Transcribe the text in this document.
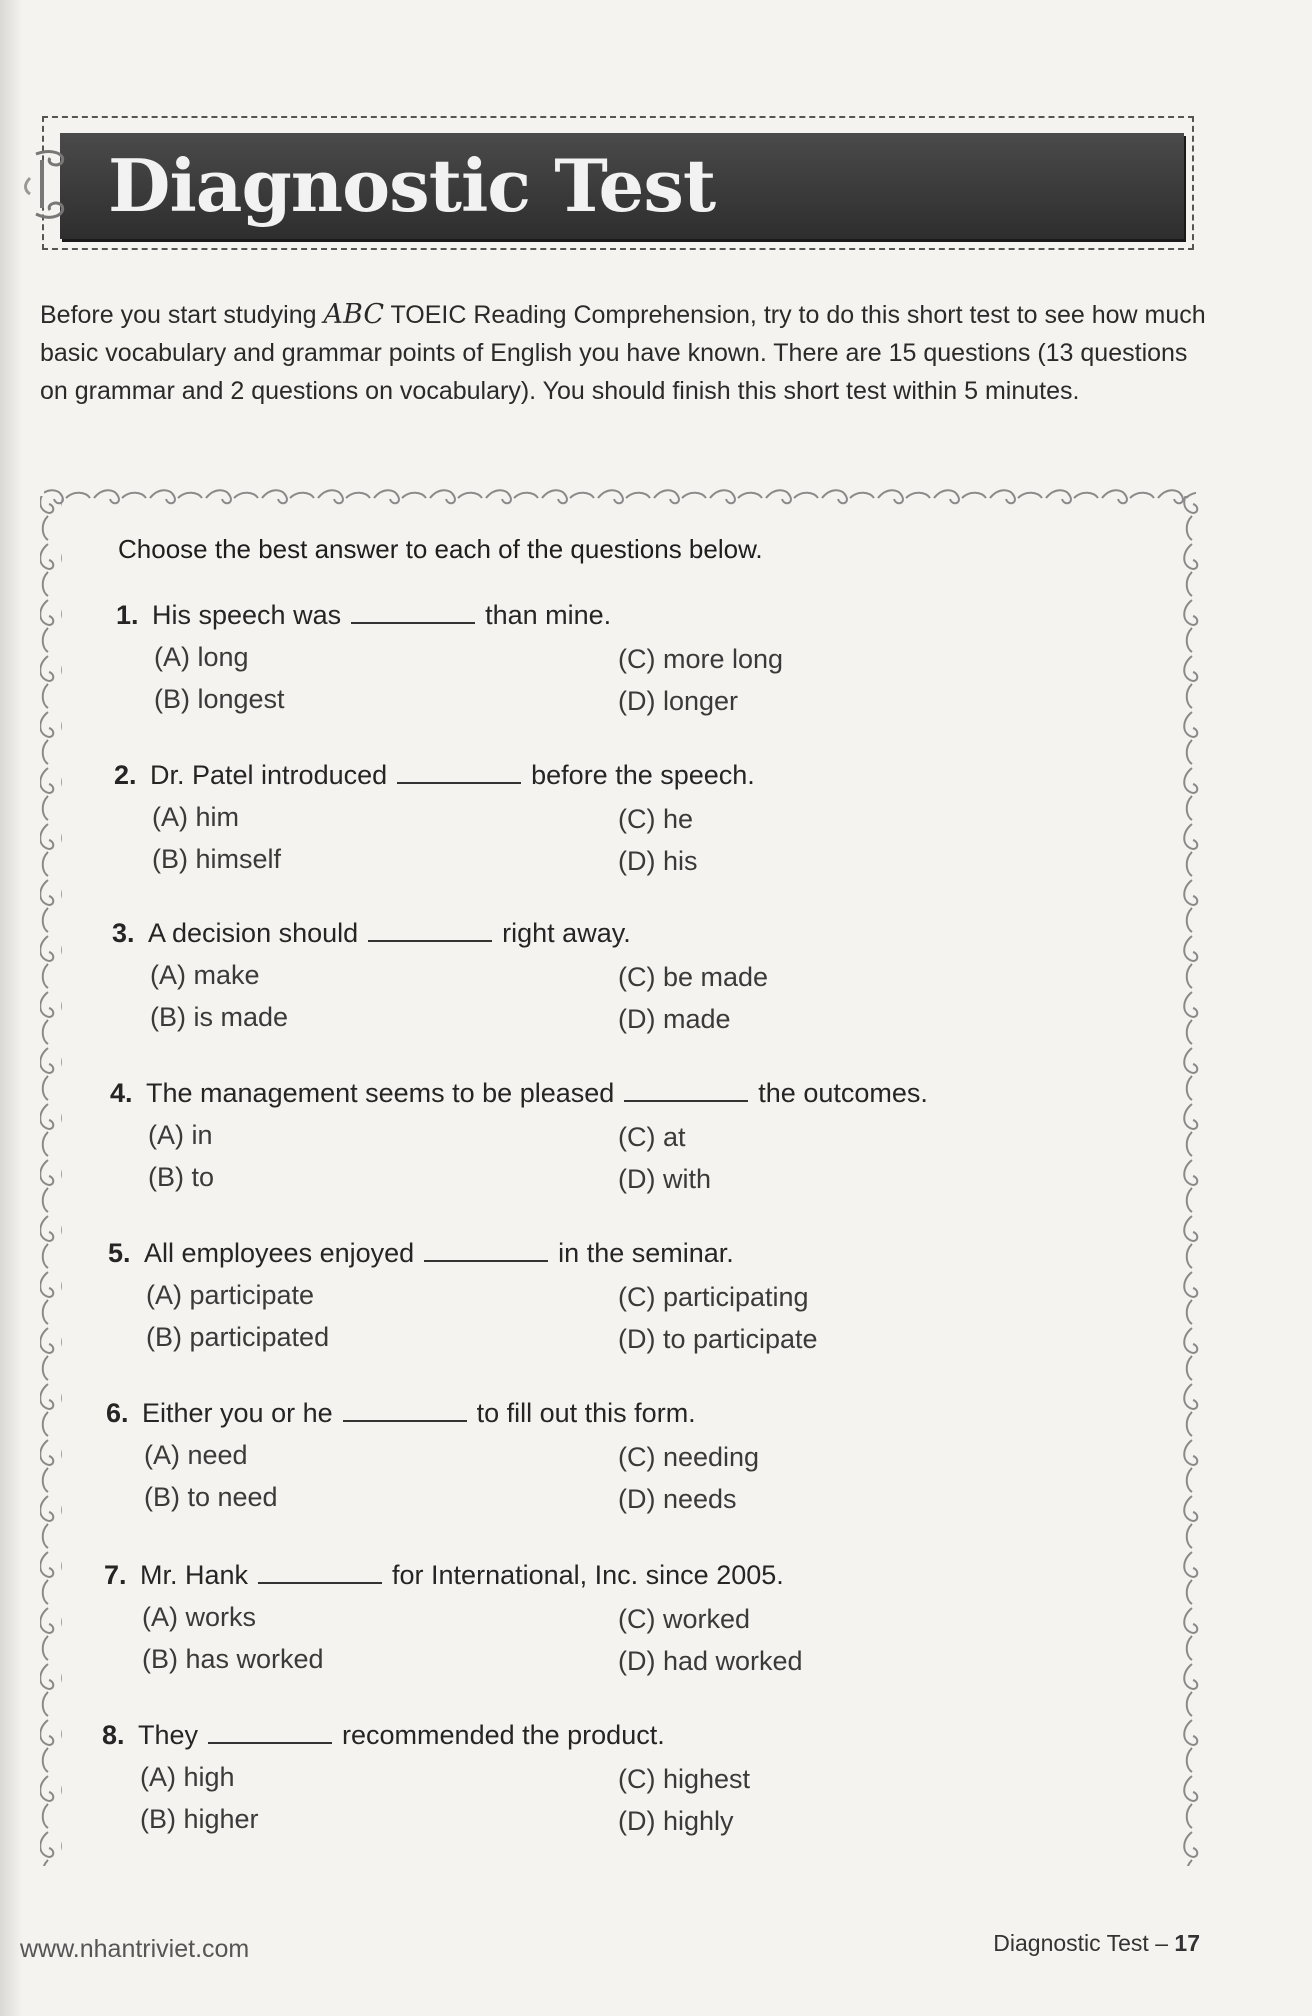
Diagnostic Test

Before you start studying ABC TOEIC Reading Comprehension, try to do this short test to see how much basic vocabulary and grammar points of English you have known. There are 15 questions (13 questions on grammar and 2 questions on vocabulary). You should finish this short test within 5 minutes.

Choose the best answer to each of the questions below.

1. His speech was	than mine.
(A) long
(B) longest
(C) more long
(D) longer
2. Dr. Patel introduced	before the speech.
(A) him
(B) himself
(C) he
(D) his
3. A decision should	right away.
(A) make
(B) is made
(C) be made
(D) made
4. The management seems to be pleased	the outcomes.
(A) in
(B) to
(C) at
(D) with
5. All employees enjoyed	in the seminar.
(A) participate
(B) participated
(C) participating
(D) to participate
6. Either you or he	to fill out this form.
(A) need
(B) to need
(C) needing
(D) needs
7. Mr. Hank	for International, Inc. since 2005.
(A) works
(B) has worked
(C) worked
(D) had worked
8. They	recommended the product.
(A) high
(B) higher
(C) highest
(D) highly

www.nhantriviet.com	Diagnostic Test – 17
